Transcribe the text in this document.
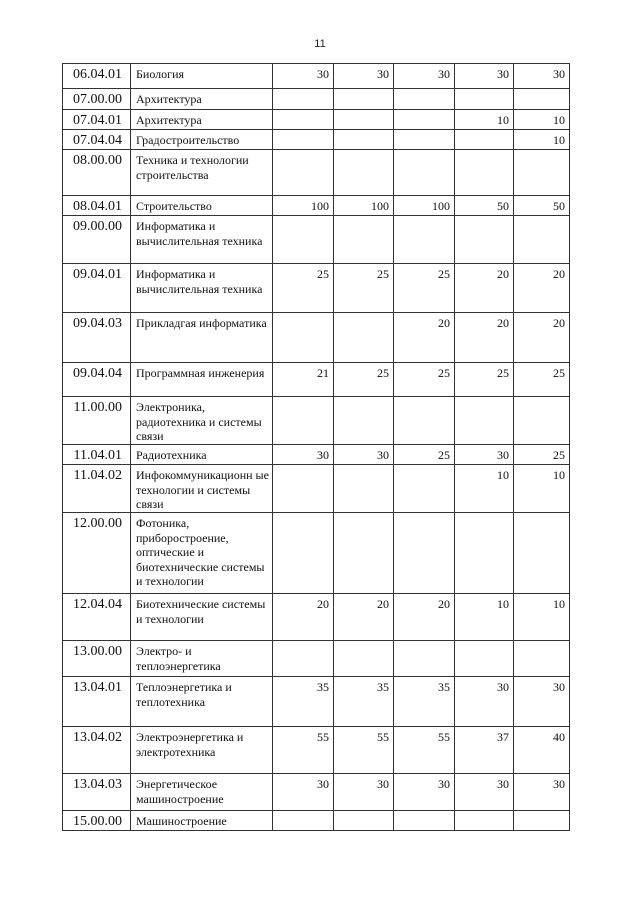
11
06.04.01	Биология	30	30	30	30	30
07.00.00	Архитектура					
07.04.01	Архитектура				10	10
07.04.04	Градостроительство					10
08.00.00	Техника и технологии строительства					
08.04.01	Строительство	100	100	100	50	50
09.00.00	Информатика и вычислительная техника					
09.04.01	Информатика и вычислительная техника	25	25	25	20	20
09.04.03	Прикладгая информатика			20	20	20
09.04.04	Программная инженерия	21	25	25	25	25
11.00.00	Электроника, радиотехника и системы связи					
11.04.01	Радиотехника	30	30	25	30	25
11.04.02	Инфокоммуникационн ые технологии и системы связи				10	10
12.00.00	Фотоника, приборостроение, оптические и биотехнические системы и технологии					
12.04.04	Биотехнические системы и технологии	20	20	20	10	10
13.00.00	Электро- и теплоэнергетика					
13.04.01	Теплоэнергетика и теплотехника	35	35	35	30	30
13.04.02	Электроэнергетика и электротехника	55	55	55	37	40
13.04.03	Энергетическое машиностроение	30	30	30	30	30
15.00.00	Машиностроение					
